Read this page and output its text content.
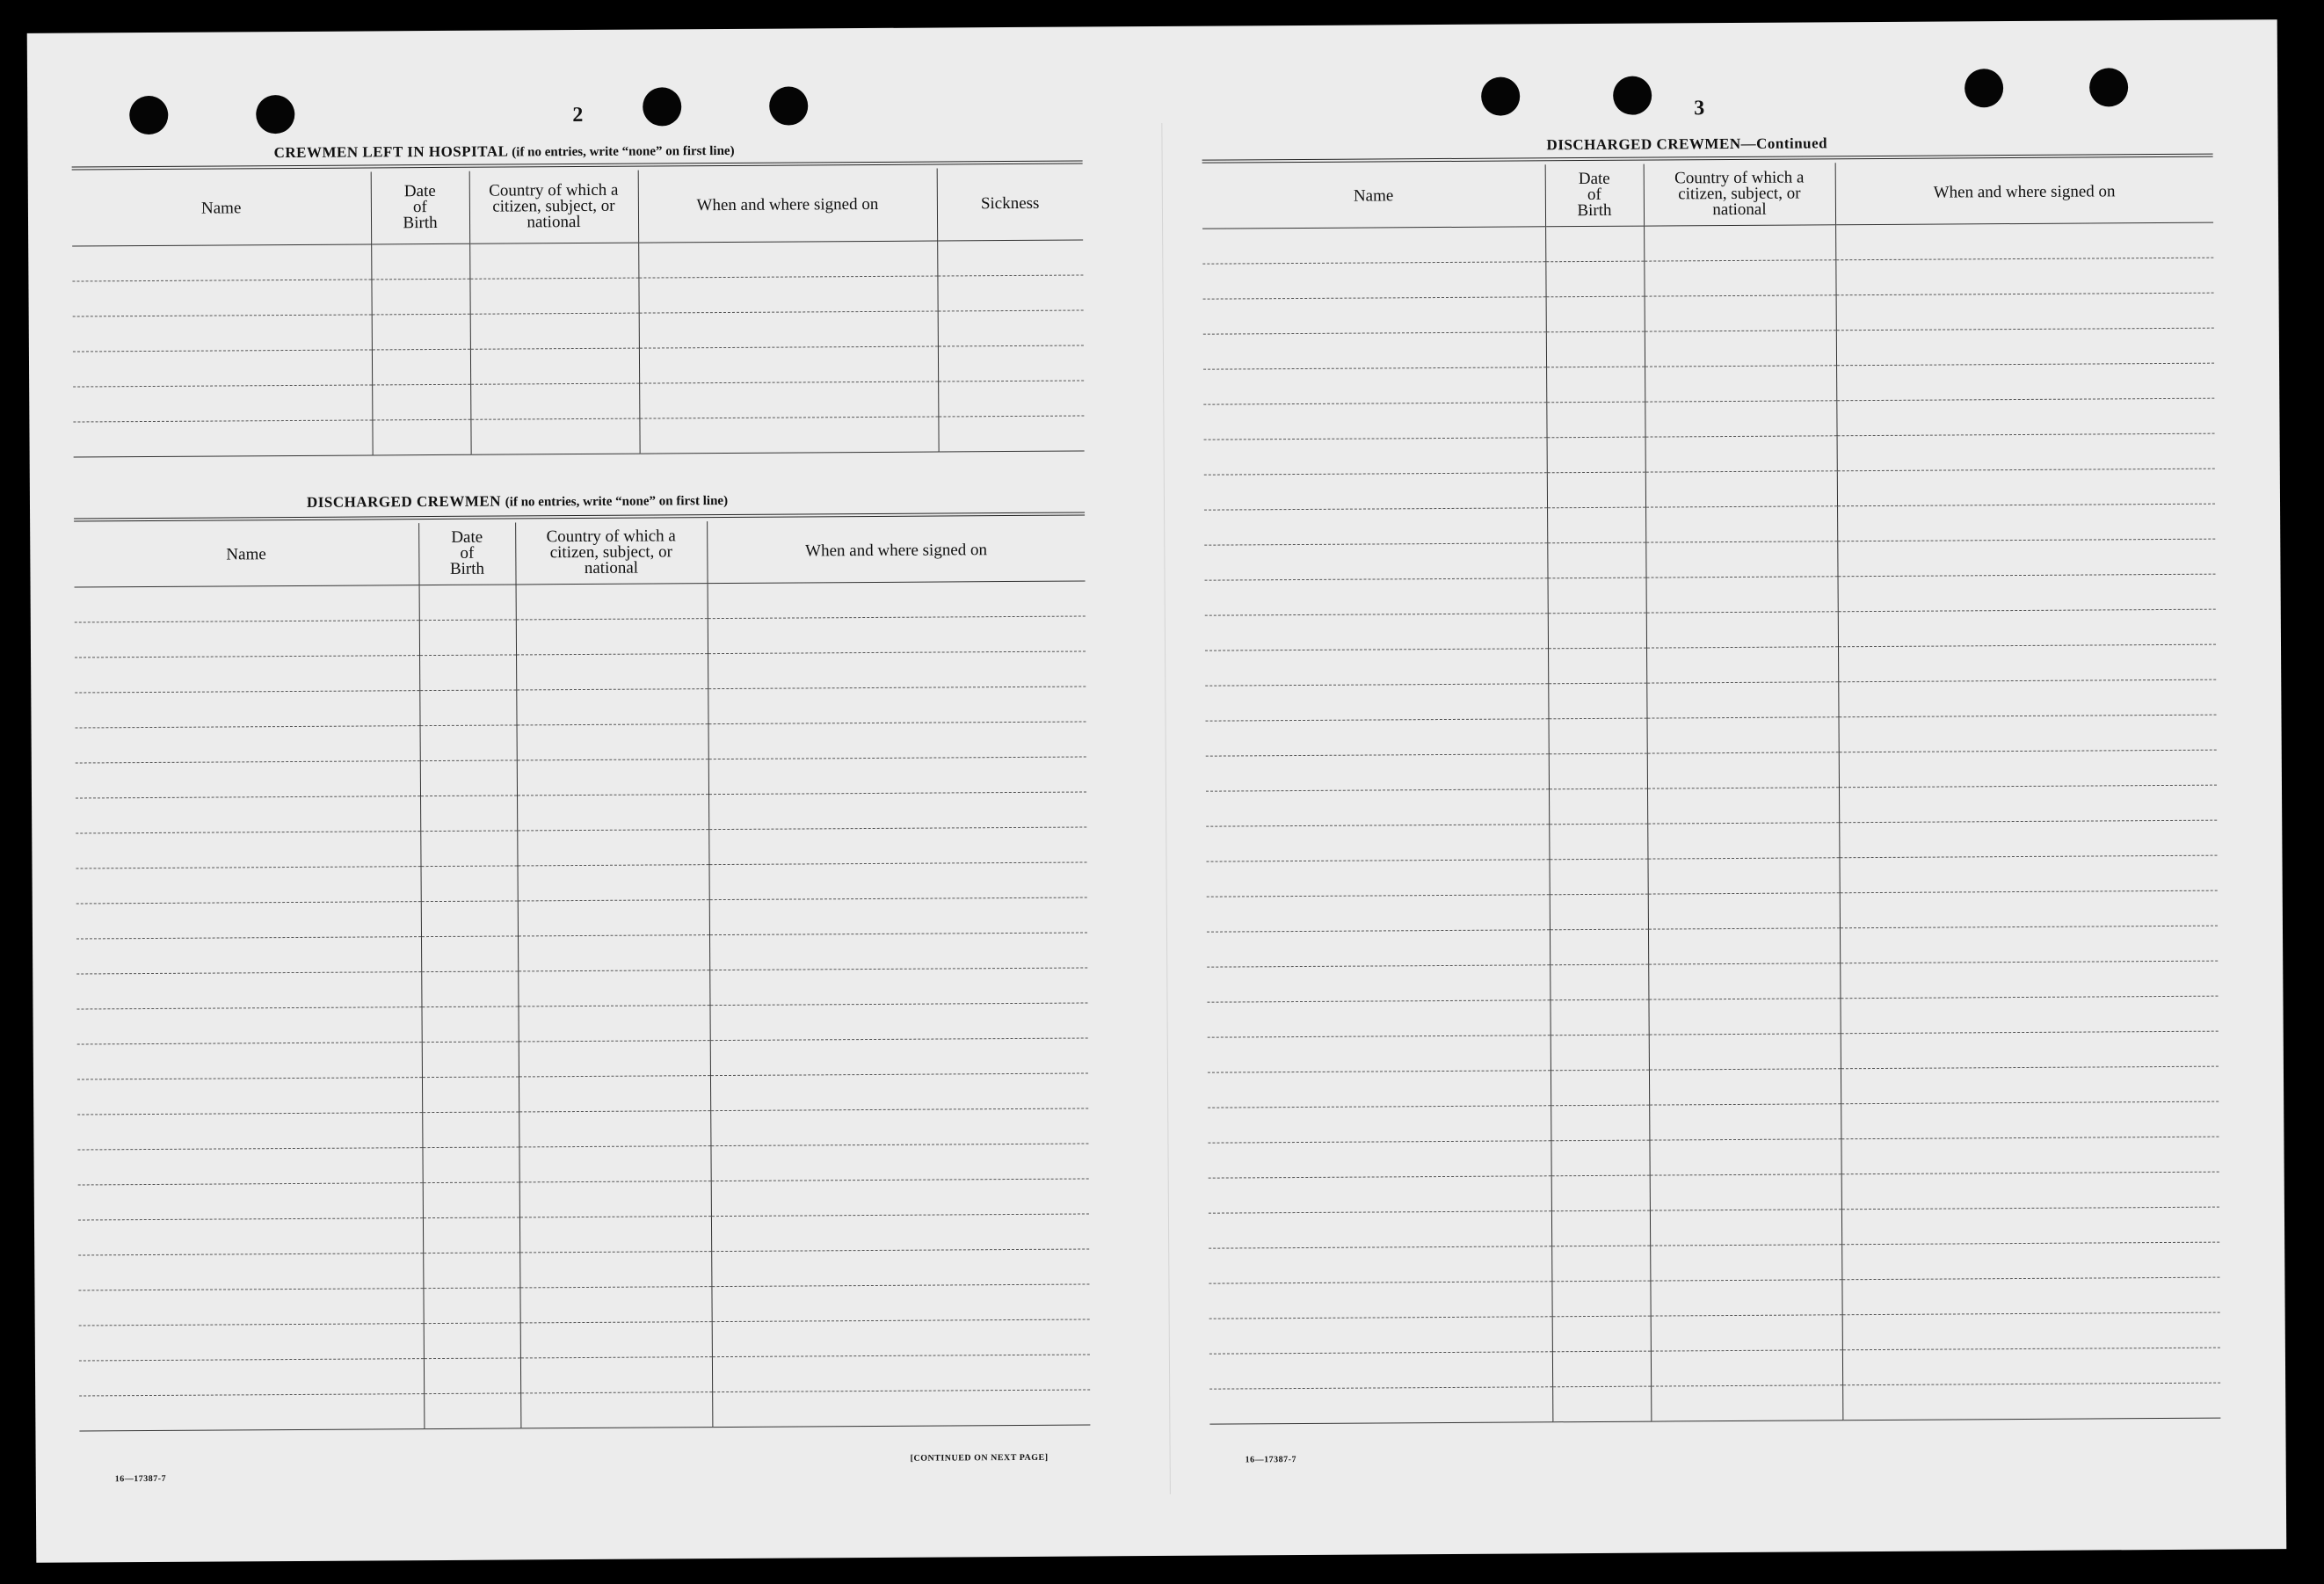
2
CREWMEN LEFT IN HOSPITAL (if no entries, write “none” on first line)
Name	Date
of
Birth	Country of which a
citizen, subject, or
national	When and where signed on	Sickness

DISCHARGED CREWMEN (if no entries, write “none” on first line)
Name	Date
of
Birth	Country of which a
citizen, subject, or
national	When and where signed on

16—17387-7
[CONTINUED ON NEXT PAGE]
3
DISCHARGED CREWMEN—Continued
Name	Date
of
Birth	Country of which a
citizen, subject, or
national	When and where signed on

16—17387-7
